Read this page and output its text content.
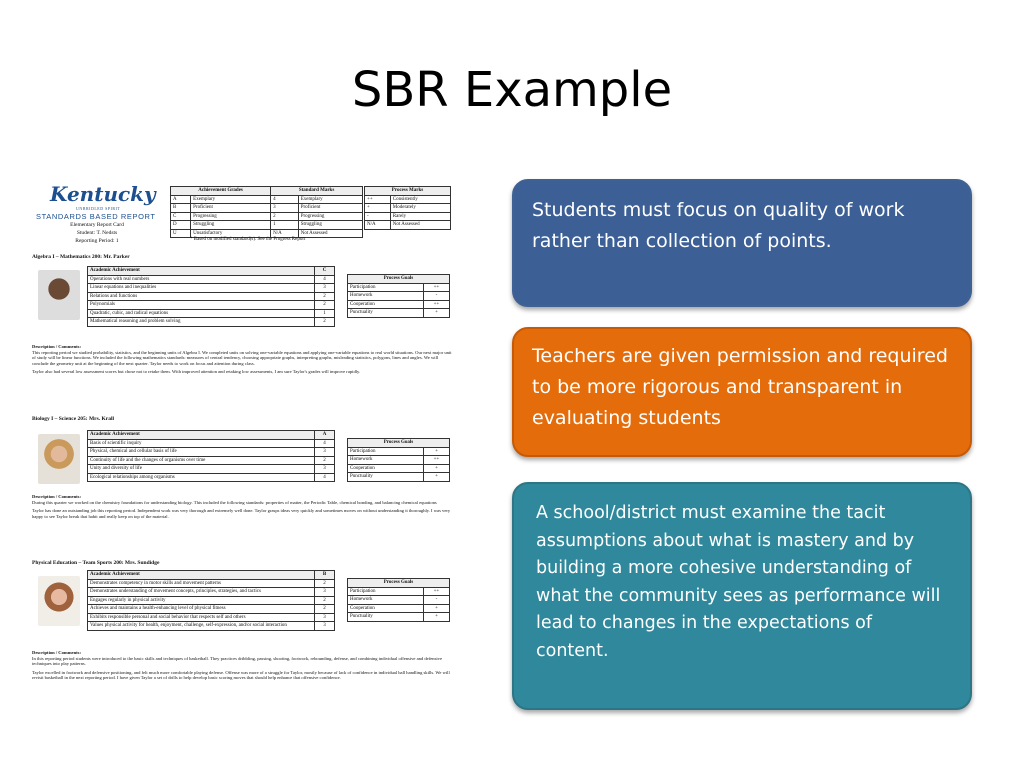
SBR Example
Kentucky
UNBRIDLED SPIRIT
STANDARDS BASED REPORT
Elementary Report Card
Student: T. Nedsts
Reporting Period: 1
Achievement Grades		Standard Marks	
A	Exemplary	4	Exemplary
B	Proficient	3	Proficient
C	Progressing	2	Progressing
D	Struggling	1	Struggling
U	Unsatisfactory	N/A	Not Assessed
* Based on modified standard(s). See the Progress Report
Process Marks	
++	Consistently
+	Moderately
-	Rarely
N/A	Not Assessed
Algebra I – Mathematics 200: Mr. Parker
Academic Achievement	C
Operations with real numbers	4
Linear equations and inequalities	3
Relations and functions	2
Polynomials	2
Quadratic, cubic, and radical equations	1
Mathematical reasoning and problem solving	2
Process Goals	
Participation	++
Homework	-
Cooperation	++
Punctuality	+
Description / Comments:
This reporting period we studied probability, statistics, and the beginning units of Algebra I. We completed units on solving one-variable equations and applying one-variable equations to real world situations. Our next major unit of study will be linear functions. We included the following mathematics standards: measures of central tendency, choosing appropriate graphs, interpreting graphs, misleading statistics, polygons, lines and angles. We will conclude the geometry unit at the beginning of the next quarter. Taylor needs to work on focus and attention during class.
Taylor also had several low assessment scores but chose not to retake them. With improved attention and retaking low assessments, I am sure Taylor's grades will improve rapidly.
Biology I – Science 205: Mrs. Krall
Academic Achievement	A
Basis of scientific inquiry	4
Physical, chemical and cellular basis of life	3
Continuity of life and the changes of organisms over time	2
Unity and diversity of life	3
Ecological relationships among organisms	4
Process Goals	
Participation	+
Homework	++
Cooperation	+
Punctuality	+
Description / Comments:
During this quarter we worked on the chemistry foundations for understanding biology. This included the following standards: properties of matter, the Periodic Table, chemical bonding, and balancing chemical equations
Taylor has done an outstanding job this reporting period. Independent work was very thorough and extremely well done. Taylor grasps ideas very quickly and sometimes moves on without understanding it thoroughly. I was very happy to see Taylor break that habit and really keep on top of the material.
Physical Education – Team Sports 200: Mrs. Sundidge
Academic Achievement	B
Demonstrates competency in motor skills and movement patterns	2
Demonstrates understanding of movement concepts, principles, strategies, and tactics	3
Engages regularly in physical activity	2
Achieves and maintains a health-enhancing level of physical fitness	2
Exhibits responsible personal and social behavior that respects self and others	3
Values physical activity for health, enjoyment, challenge, self-expression, and/or social interaction	3
Process Goals	
Participation	++
Homework	-
Cooperation	+
Punctuality	+
Description / Comments:
In this reporting period students were introduced to the basic skills and techniques of basketball. They practices dribbling, passing, shooting, footwork, rebounding, defense, and combining individual offensive and defensive techniques into play patterns.
Taylor excelled in footwork and defensive positioning, and felt much more comfortable playing defense. Offense was more of a struggle for Taylor, mostly because of lack of confidence in individual ball handling skills. We will revisit basketball in the next reporting period. I have given Taylor a set of drills to help develop basic scoring moves that should help enhance that offensive confidence.
Students must focus on quality of work rather than collection of points.
Teachers are given permission and required to be more rigorous and transparent in evaluating students
A school/district must examine the tacit assumptions about what is mastery and by building a more cohesive understanding of what the community sees as performance will lead to changes in the expectations of content.
